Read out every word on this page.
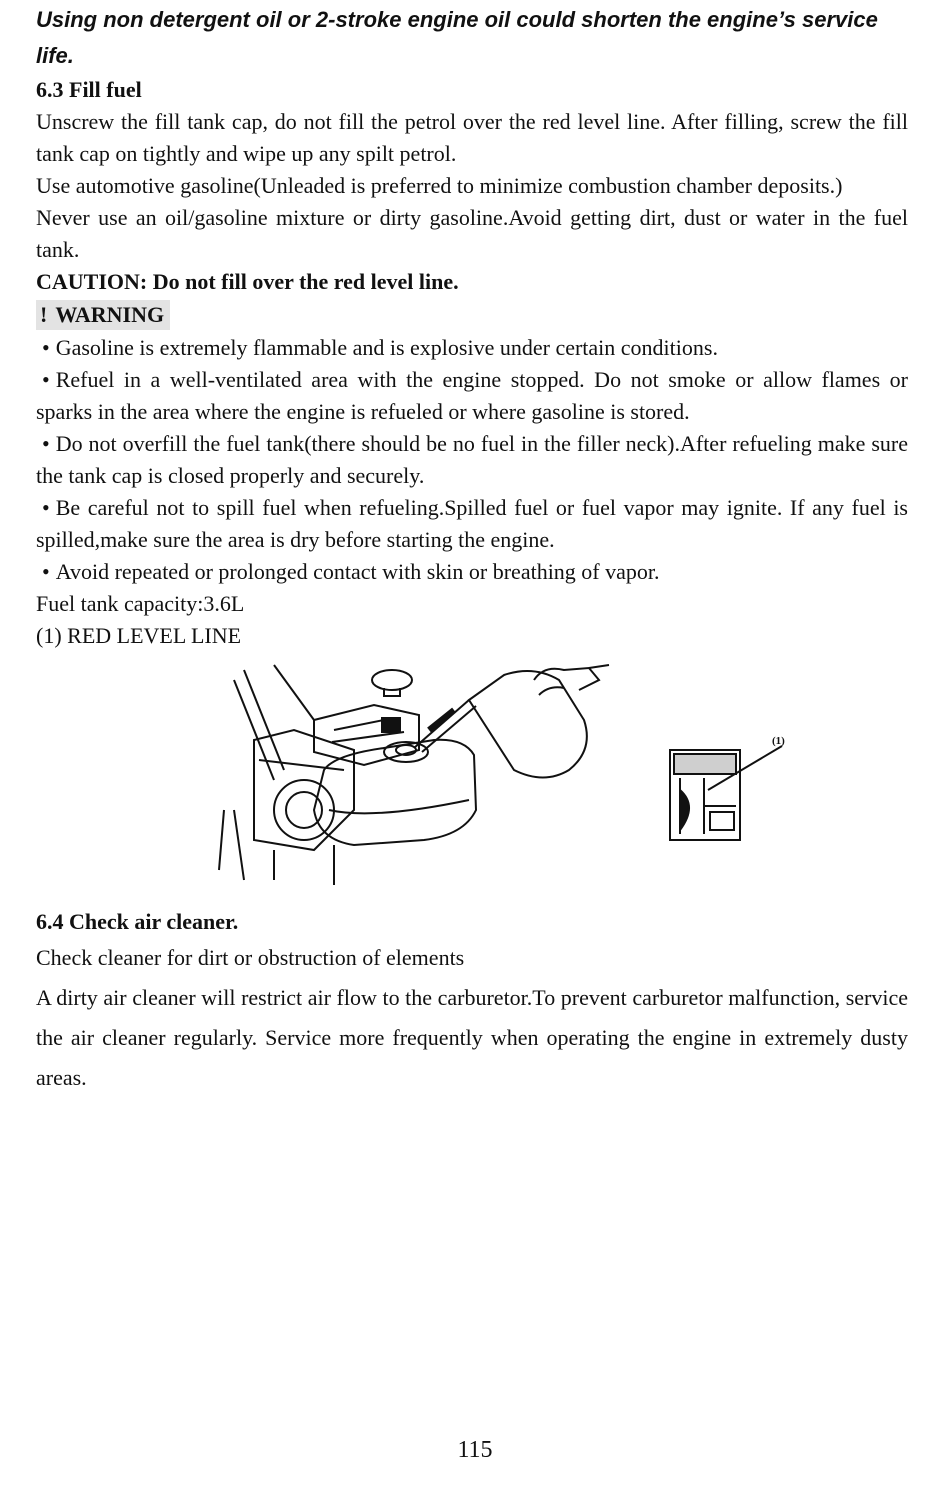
Using non detergent oil or 2-stroke engine oil could shorten the engine’s service life.
6.3 Fill fuel

Unscrew the fill tank cap, do not fill the petrol over the red level line. After filling, screw the fill tank cap on tightly and wipe up any spilt petrol.

Use automotive gasoline(Unleaded is preferred to minimize combustion chamber deposits.)

Never use an oil/gasoline mixture or dirty gasoline.Avoid getting dirt, dust or water in the fuel tank.

CAUTION: Do not fill over the red level line.

! WARNING

• Gasoline is extremely flammable and is explosive under certain conditions.

• Refuel in a well-ventilated area with the engine stopped. Do not smoke or allow flames or sparks in the area where the engine is refueled or where gasoline is stored.

• Do not overfill the fuel tank(there should be no fuel in the filler neck).After refueling make sure the tank cap is closed properly and securely.

• Be careful not to spill fuel when refueling.Spilled fuel or fuel vapor may ignite. If any fuel is spilled,make sure the area is dry before starting the engine.

• Avoid repeated or prolonged contact with skin or breathing of vapor.

Fuel tank capacity:3.6L

(1) RED LEVEL LINE

(1)
6.4 Check air cleaner.

Check cleaner for dirt or obstruction of elements

A dirty air cleaner will restrict air flow to the carburetor.To prevent carburetor malfunction, service the air cleaner regularly. Service more frequently when operating the engine in extremely dusty areas.

115
